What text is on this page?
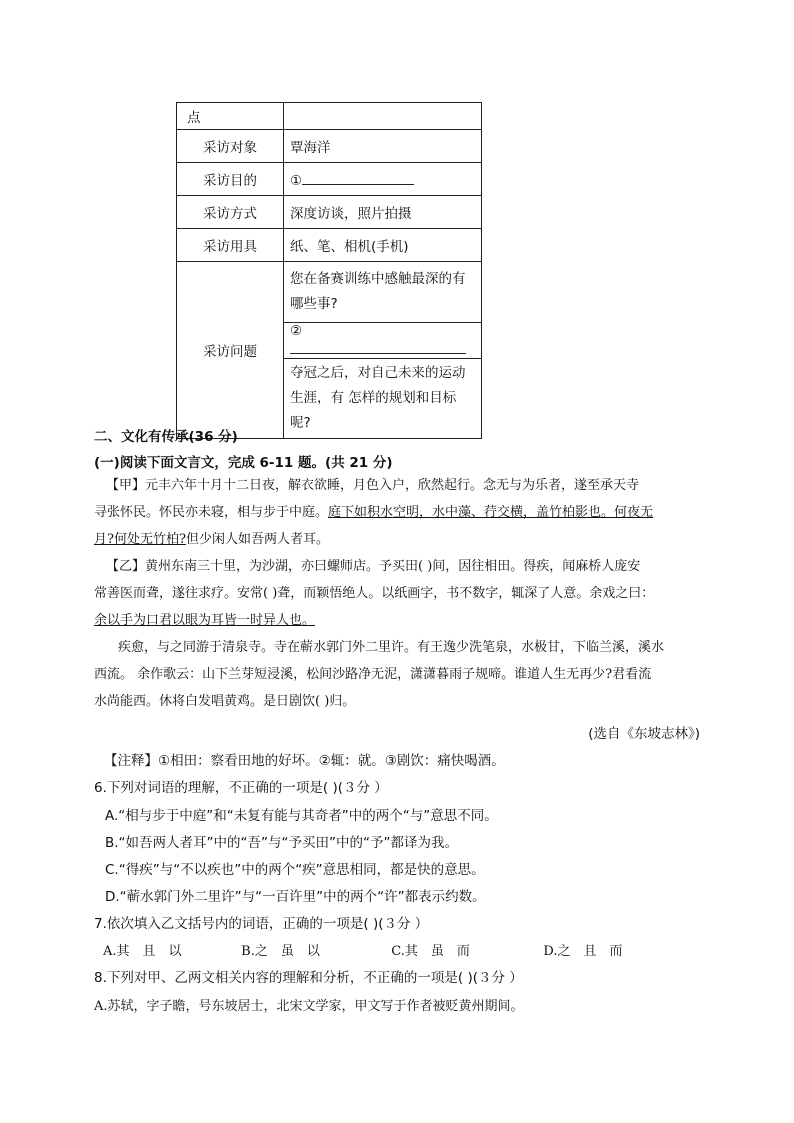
点	
采访对象	覃海洋
采访目的	①
采访方式	深度访谈，照片拍摄
采访用具	纸、笔、相机(手机)
采访问题	您在备赛训练中感触最深的有哪些事?
	②
	夺冠之后，对自己未来的运动生涯，有 怎样的规划和目标呢?
二、文化有传承(36 分)
(一)阅读下面文言文，完成 6-11 题。(共 21 分)
【甲】元丰六年十月十二日夜，解衣欲睡，月色入户，欣然起行。念无与为乐者，遂至承天寺
寻张怀民。怀民亦未寝，相与步于中庭。庭下如积水空明，水中藻、荇交横，盖竹柏影也。何夜无
月?何处无竹柏?但少闲人如吾两人者耳。
【乙】黄州东南三十里，为沙湖，亦曰螺师店。予买田( )间，因往相田。得疾，闻麻桥人庞安
常善医而聋，遂往求疗。安常( )聋，而颖悟绝人。以纸画字，书不数字，辄深了人意。余戏之曰：
余以手为口君以眼为耳皆一时异人也。
疾愈，与之同游于清泉寺。寺在蕲水郭门外二里许。有王逸少洗笔泉，水极甘，下临兰溪，溪水
西流。 余作歌云：山下兰芽短浸溪，松间沙路净无泥，潇潇暮雨子规啼。谁道人生无再少?君看流
水尚能西。休将白发唱黄鸡。是日剧饮( )归。
(选自《东坡志林》)
【注释】①相田：察看田地的好坏。②辄：就。③剧饮：痛快喝酒。
6.下列对词语的理解，不正确的一项是( )(３分 ）
A.“相与步于中庭”和“未复有能与其奇者”中的两个“与”意思不同。
B.“如吾两人者耳”中的“吾”与“予买田”中的“予”都译为我。
C.“得疾”与“不以疾也”中的两个“疾”意思相同，都是快的意思。
D.“蕲水郭门外二里许”与“一百许里”中的两个“许”都表示约数。
7.依次填入乙文括号内的词语，正确的一项是( )(３分 ）
A.其　且　以	B.之　虽　以	C.其　虽　而	D.之　且　而
8.下列对甲、乙两文相关内容的理解和分析，不正确的一项是( )(３分 ）
A.苏轼，字子瞻，号东坡居士，北宋文学家，甲文写于作者被贬黄州期间。
